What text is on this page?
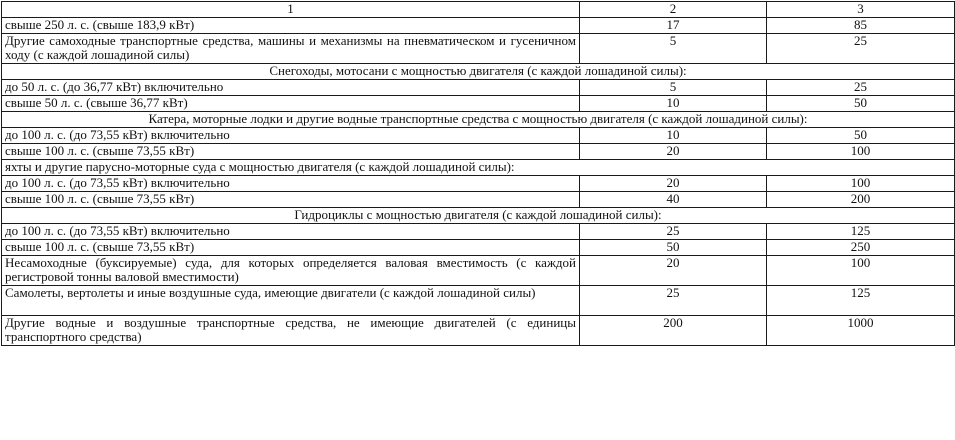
1	2	3
свыше 250 л. с. (свыше 183,9 кВт)	17	85
Другие самоходные транспортные средства, машины и механизмы на пневматическом и гусеничном ходу (с каждой лошадиной силы)	5	25
Снегоходы, мотосани с мощностью двигателя (с каждой лошадиной силы):		
до 50 л. с. (до 36,77 кВт) включительно	5	25
свыше 50 л. с. (свыше 36,77 кВт)	10	50
Катера, моторные лодки и другие водные транспортные средства с мощностью двигателя (с каждой лошадиной силы):		
до 100 л. с. (до 73,55 кВт) включительно	10	50
свыше 100 л. с. (свыше 73,55 кВт)	20	100
яхты и другие парусно-моторные суда с мощностью двигателя (с каждой лошадиной силы):		
до 100 л. с. (до 73,55 кВт) включительно	20	100
свыше 100 л. с. (свыше 73,55 кВт)	40	200
Гидроциклы с мощностью двигателя (с каждой лошадиной силы):		
до 100 л. с. (до 73,55 кВт) включительно	25	125
свыше 100 л. с. (свыше 73,55 кВт)	50	250
Несамоходные (буксируемые) суда, для которых определяется валовая вместимость (с каждой регистровой тонны валовой вместимости)	20	100
Самолеты, вертолеты и иные воздушные суда, имеющие двигатели (с каждой лошадиной силы)	25	125
Другие водные и воздушные транспортные средства, не имеющие двигателей (с единицы транспортного средства)	200	1000
